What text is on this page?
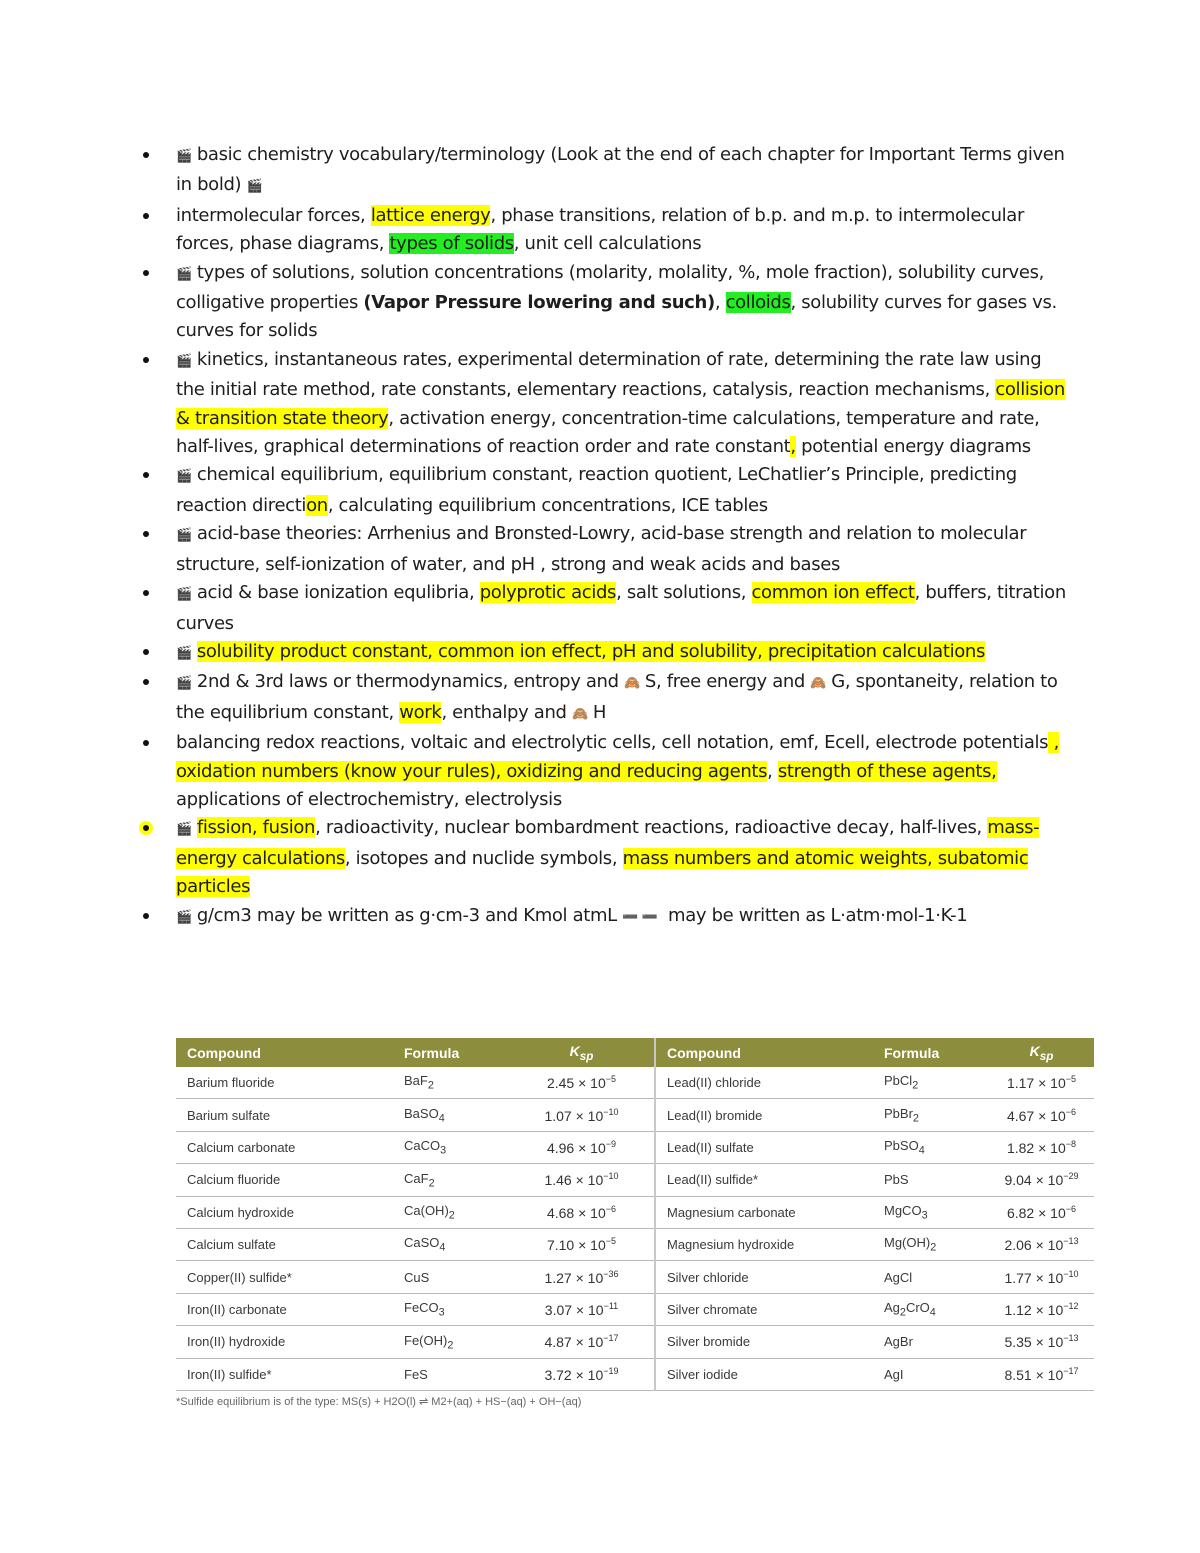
🎬 basic chemistry vocabulary/terminology (Look at the end of each chapter for Important Terms given in bold) 🎬
intermolecular forces, lattice energy, phase transitions, relation of b.p. and m.p. to intermolecular forces, phase diagrams, types of solids, unit cell calculations
🎬 types of solutions, solution concentrations (molarity, molality, %, mole fraction), solubility curves, colligative properties (Vapor Pressure lowering and such), colloids, solubility curves for gases vs. curves for solids
🎬 kinetics, instantaneous rates, experimental determination of rate, determining the rate law using the initial rate method, rate constants, elementary reactions, catalysis, reaction mechanisms, collision & transition state theory, activation energy, concentration-time calculations, temperature and rate, half-lives, graphical determinations of reaction order and rate constant, potential energy diagrams
🎬 chemical equilibrium, equilibrium constant, reaction quotient, LeChatlier’s Principle, predicting reaction direction, calculating equilibrium concentrations, ICE tables
🎬 acid-base theories: Arrhenius and Bronsted-Lowry, acid-base strength and relation to molecular structure, self-ionization of water, and pH , strong and weak acids and bases
🎬 acid & base ionization equlibria, polyprotic acids, salt solutions, common ion effect, buffers, titration curves
🎬 solubility product constant, common ion effect, pH and solubility, precipitation calculations
🎬 2nd & 3rd laws or thermodynamics, entropy and 🙈 S, free energy and 🙈 G, spontaneity, relation to the equilibrium constant, work, enthalpy and 🙈 H
balancing redox reactions, voltaic and electrolytic cells, cell notation, emf, Ecell, electrode potentials , oxidation numbers (know your rules), oxidizing and reducing agents, strength of these agents, applications of electrochemistry, electrolysis
🎬 fission, fusion, radioactivity, nuclear bombardment reactions, radioactive decay, half-lives, mass-energy calculations, isotopes and nuclide symbols, mass numbers and atomic weights, subatomic particles
🎬 g/cm3 may be written as g·cm-3 and Kmol atmL ➖ ➖ may be written as L·atm·mol-1·K-1
Compound	Formula	$K_{sp}$	Compound	Formula	$K_{sp}$
Barium fluoride	BaF$_2$	$2.45 \times 10^{-5}$	Lead(II) chloride	PbCl$_2$	$1.17 \times 10^{-5}$
Barium sulfate	BaSO$_4$	$1.07 \times 10^{-10}$	Lead(II) bromide	PbBr$_2$	$4.67 \times 10^{-6}$
Calcium carbonate	CaCO$_3$	$4.96 \times 10^{-9}$	Lead(II) sulfate	PbSO$_4$	$1.82 \times 10^{-8}$
Calcium fluoride	CaF$_2$	$1.46 \times 10^{-10}$	Lead(II) sulfide*	PbS	$9.04 \times 10^{-29}$
Calcium hydroxide	$Ca(OH)_2$	$4.68 \times 10^{-6}$	Magnesium carbonate	MgCO$_3$	$6.82 \times 10^{-6}$
Calcium sulfate	CaSO$_4$	$7.10 \times 10^{-5}$	Magnesium hydroxide	$Mg(OH)_2$	$2.06 \times 10^{-13}$
Copper(II) sulfide*	CuS	$1.27 \times 10^{-36}$	Silver chloride	AgCl	$1.77 \times 10^{-10}$
Iron(II) carbonate	FeCO$_3$	$3.07 \times 10^{-11}$	Silver chromate	$Ag_2CrO_4$	$1.12 \times 10^{-12}$
Iron(II) hydroxide	$Fe(OH)_2$	$4.87 \times 10^{-17}$	Silver bromide	AgBr	$5.35 \times 10^{-13}$
Iron(II) sulfide*	FeS	$3.72 \times 10^{-19}$	Silver iodide	AgI	$8.51 \times 10^{-17}$
*Sulfide equilibrium is of the type: MS(s) + H2O(l) ⇌ M2+(aq) + HS−(aq) + OH−(aq)
